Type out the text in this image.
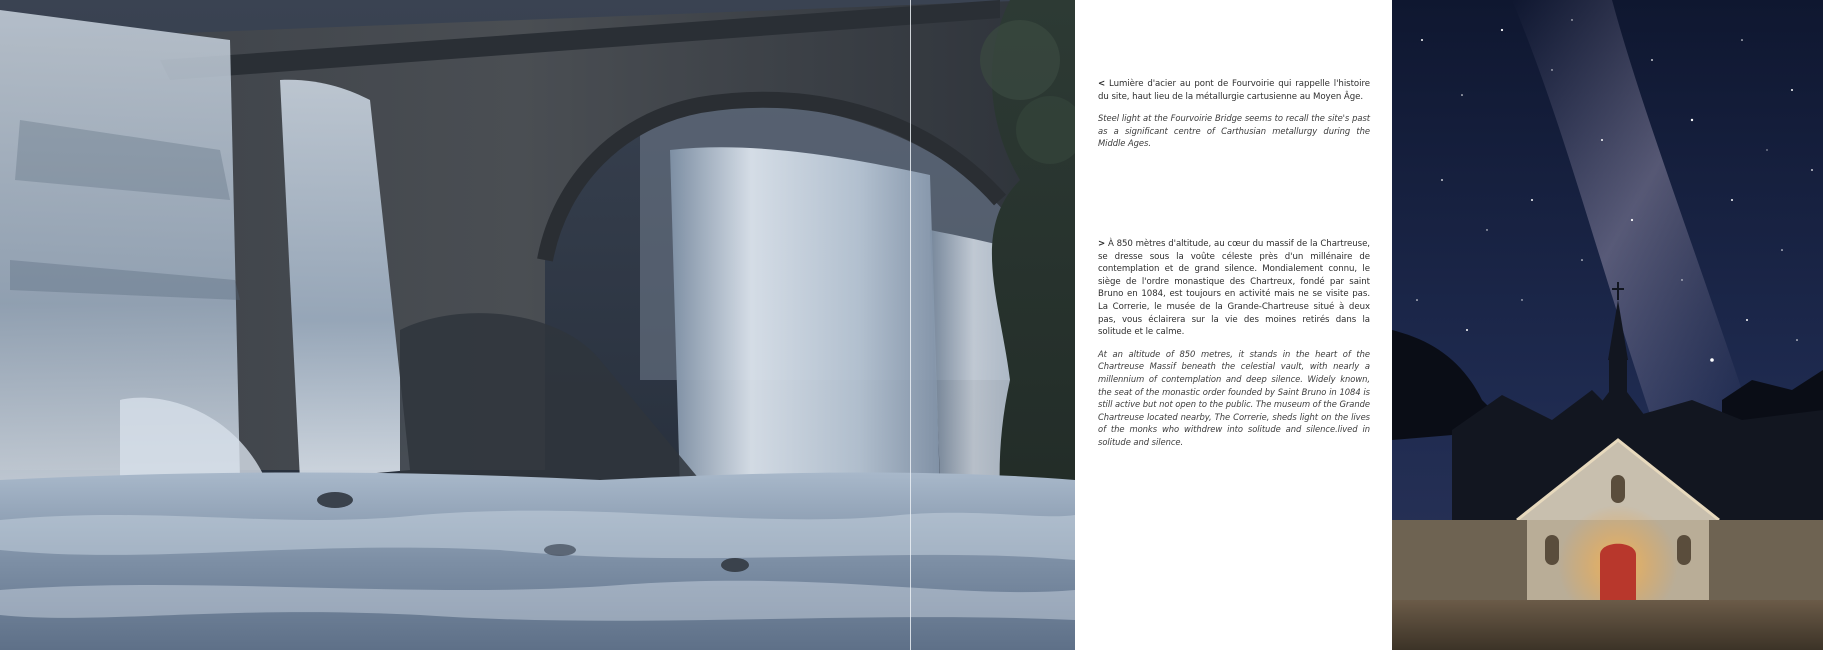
< Lumière d'acier au pont de Fourvoirie qui rappelle l'histoire du site, haut lieu de la métallurgie cartusienne au Moyen Âge.

Steel light at the Fourvoirie Bridge seems to recall the site's past as a significant centre of Carthusian metallurgy during the Middle Ages.

> À 850 mètres d'altitude, au cœur du massif de la Chartreuse, se dresse sous la voûte céleste près d'un millénaire de contemplation et de grand silence. Mondialement connu, le siège de l'ordre monastique des Chartreux, fondé par saint Bruno en 1084, est toujours en activité mais ne se visite pas. La Correrie, le musée de la Grande-Chartreuse situé à deux pas, vous éclairera sur la vie des moines retirés dans la solitude et le calme.

At an altitude of 850 metres, it stands in the heart of the Chartreuse Massif beneath the celestial vault, with nearly a millennium of contemplation and deep silence. Widely known, the seat of the monastic order founded by Saint Bruno in 1084 is still active but not open to the public. The museum of the Grande Chartreuse located nearby, The Correrie, sheds light on the lives of the monks who withdrew into solitude and silence.lived in solitude and silence.
